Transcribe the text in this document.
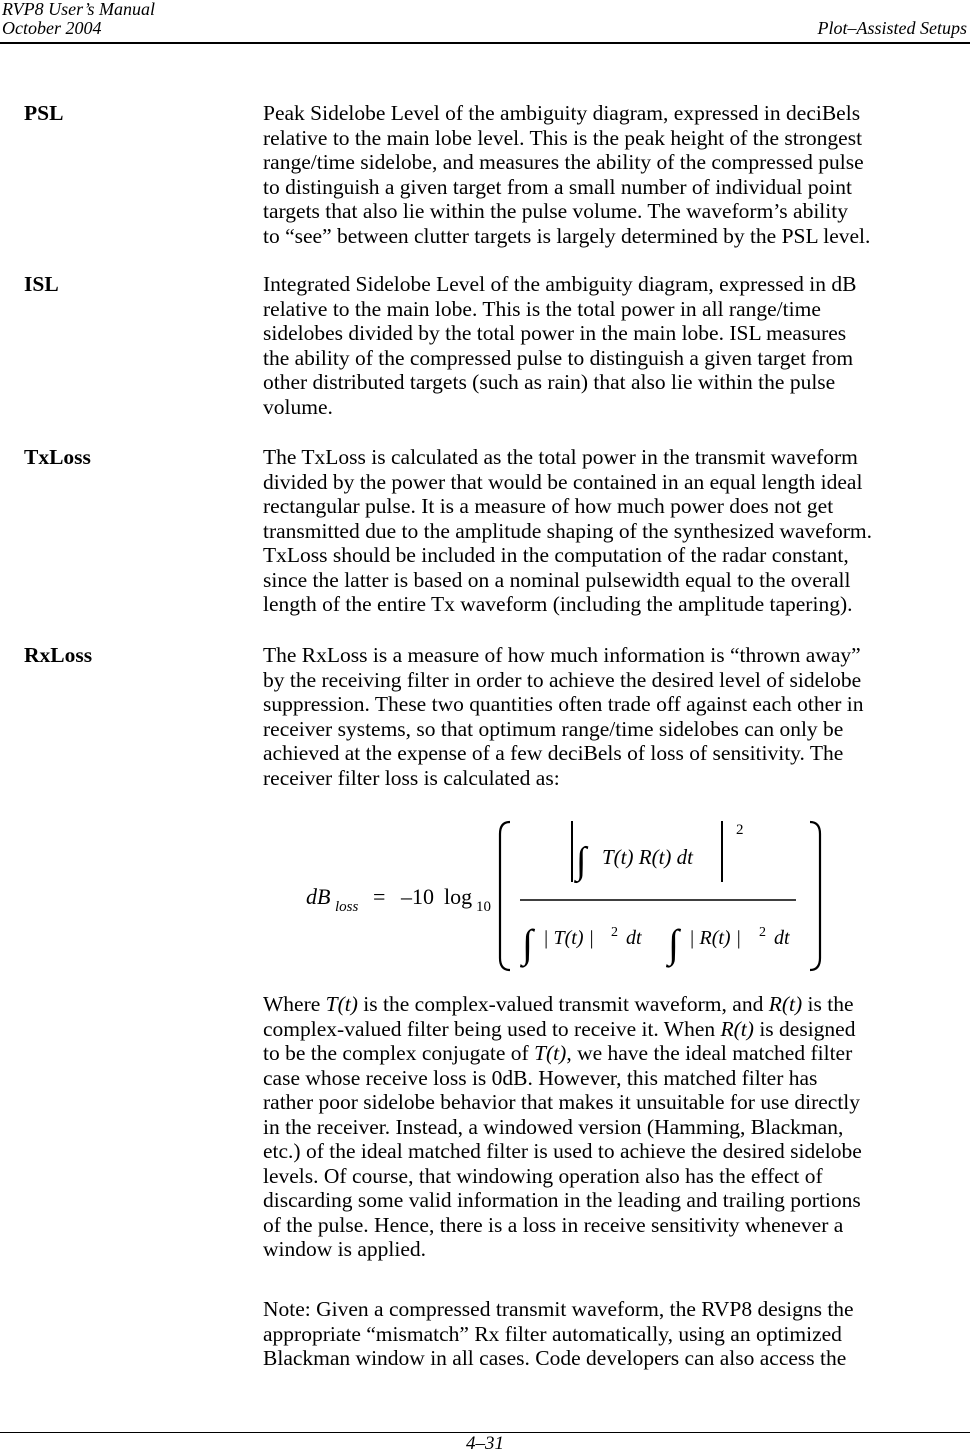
RVP8 User’s Manual
October 2004	Plot–Assisted Setups
PSL	Peak Sidelobe Level of the ambiguity diagram, expressed in deciBels
relative to the main lobe level. This is the peak height of the strongest
range/time sidelobe, and measures the ability of the compressed pulse
to distinguish a given target from a small number of individual point
targets that also lie within the pulse volume. The waveform’s ability
to “see” between clutter targets is largely determined by the PSL level.
ISL	Integrated Sidelobe Level of the ambiguity diagram, expressed in dB
relative to the main lobe. This is the total power in all range/time
sidelobes divided by the total power in the main lobe. ISL measures
the ability of the compressed pulse to distinguish a given target from
other distributed targets (such as rain) that also lie within the pulse
volume.
TxLoss	The TxLoss is calculated as the total power in the transmit waveform
divided by the power that would be contained in an equal length ideal
rectangular pulse. It is a measure of how much power does not get
transmitted due to the amplitude shaping of the synthesized waveform.
TxLoss should be included in the computation of the radar constant,
since the latter is based on a nominal pulsewidth equal to the overall
length of the entire Tx waveform (including the amplitude tapering).
RxLoss	The RxLoss is a measure of how much information is “thrown away”
by the receiving filter in order to achieve the desired level of sidelobe
suppression. These two quantities often trade off against each other in
receiver systems, so that optimum range/time sidelobes can only be
achieved at the expense of a few deciBels of loss of sensitivity. The
receiver filter loss is calculated as:
dB loss = –10 log 10
∫ T(t) R(t) dt
2
∫ | T(t) | 2 dt ∫ | R(t) | 2 dt
Where T(t) is the complex-valued transmit waveform, and R(t) is the
complex-valued filter being used to receive it. When R(t) is designed
to be the complex conjugate of T(t), we have the ideal matched filter
case whose receive loss is 0dB. However, this matched filter has
rather poor sidelobe behavior that makes it unsuitable for use directly
in the receiver. Instead, a windowed version (Hamming, Blackman,
etc.) of the ideal matched filter is used to achieve the desired sidelobe
levels. Of course, that windowing operation also has the effect of
discarding some valid information in the leading and trailing portions
of the pulse. Hence, there is a loss in receive sensitivity whenever a
window is applied.
Note: Given a compressed transmit waveform, the RVP8 designs the
appropriate “mismatch” Rx filter automatically, using an optimized
Blackman window in all cases. Code developers can also access the
4–31
